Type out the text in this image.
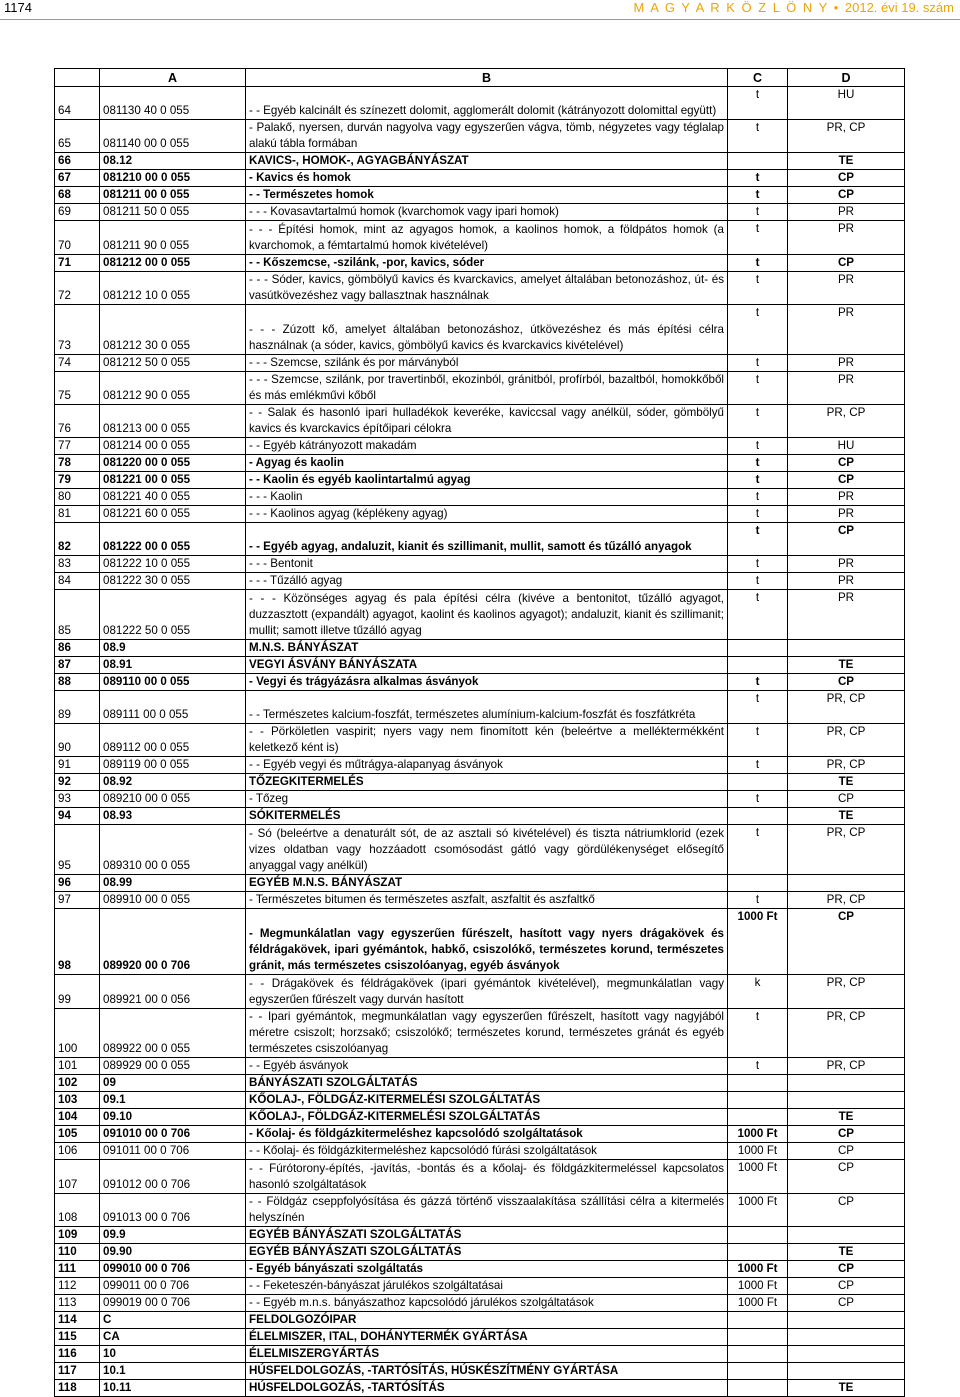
1174	M A G Y A R K Ö Z L Ö N Y • 2012. évi 19. szám
	A	B	C	D
64	081130 40 0 055	- - Egyéb kalcinált és színezett dolomit, agglomerált dolomit (kátrányozott dolomittal együtt)	t	HU
65	081140 00 0 055	- Palakő, nyersen, durván nagyolva vagy egyszerűen vágva, tömb, négyzetes vagy téglalap alakú tábla formában	t	PR, CP
66	08.12	KAVICS-, HOMOK-, AGYAGBÁNYÁSZAT		TE
67	081210 00 0 055	- Kavics és homok	t	CP
68	081211 00 0 055	- - Természetes homok	t	CP
69	081211 50 0 055	- - - Kovasavtartalmú homok (kvarchomok vagy ipari homok)	t	PR
70	081211 90 0 055	- - - Építési homok, mint az agyagos homok, a kaolinos homok, a földpátos homok (a kvarchomok, a fémtartalmú homok kivételével)	t	PR
71	081212 00 0 055	- - Kőszemcse, -szilánk, -por, kavics, sóder	t	CP
72	081212 10 0 055	- - - Sóder, kavics, gömbölyű kavics és kvarckavics, amelyet általában betonozáshoz, út- és vasútkövezéshez vagy ballasztnak használnak	t	PR
73	081212 30 0 055	- - - Zúzott kő, amelyet általában betonozáshoz, útkövezéshez és más építési célra használnak (a sóder, kavics, gömbölyű kavics és kvarckavics kivételével)	t	PR
74	081212 50 0 055	- - - Szemcse, szilánk és por márványból	t	PR
75	081212 90 0 055	- - - Szemcse, szilánk, por travertinből, ekozinból, gránitból, profírból, bazaltból, homokkőből és más emlékművi kőből	t	PR
76	081213 00 0 055	- - Salak és hasonló ipari hulladékok keveréke, kaviccsal vagy anélkül, sóder, gömbölyű kavics és kvarckavics építőipari célokra	t	PR, CP
77	081214 00 0 055	- - Egyéb kátrányozott makadám	t	HU
78	081220 00 0 055	- Agyag és kaolin	t	CP
79	081221 00 0 055	- - Kaolin és egyéb kaolintartalmú agyag	t	CP
80	081221 40 0 055	- - - Kaolin	t	PR
81	081221 60 0 055	- - - Kaolinos agyag (képlékeny agyag)	t	PR
82	081222 00 0 055	- - Egyéb agyag, andaluzit, kianit és szillimanit, mullit, samott és tűzálló anyagok	t	CP
83	081222 10 0 055	- - - Bentonit	t	PR
84	081222 30 0 055	- - - Tűzálló agyag	t	PR
85	081222 50 0 055	- - - Közönséges agyag és pala építési célra (kivéve a bentonitot, tűzálló agyagot, duzzasztott (expandált) agyagot, kaolint és kaolinos agyagot); andaluzit, kianit és szillimanit; mullit; samott illetve tűzálló agyag	t	PR
86	08.9	M.N.S. BÁNYÁSZAT		
87	08.91	VEGYI ÁSVÁNY BÁNYÁSZATA		TE
88	089110 00 0 055	- Vegyi és trágyázásra alkalmas ásványok	t	CP
89	089111 00 0 055	- - Természetes kalcium-foszfát, természetes alumínium-kalcium-foszfát és foszfátkréta	t	PR, CP
90	089112 00 0 055	- - Pörköletlen vaspirit; nyers vagy nem finomított kén (beleértve a melléktermékként keletkező ként is)	t	PR, CP
91	089119 00 0 055	- - Egyéb vegyi és műtrágya-alapanyag ásványok	t	PR, CP
92	08.92	TŐZEGKITERMELÉS		TE
93	089210 00 0 055	- Tőzeg	t	CP
94	08.93	SÓKITERMELÉS		TE
95	089310 00 0 055	- Só (beleértve a denaturált sót, de az asztali só kivételével) és tiszta nátriumklorid (ezek vizes oldatban vagy hozzáadott csomósodást gátló vagy gördülékenységet elősegítő anyaggal vagy anélkül)	t	PR, CP
96	08.99	EGYÉB M.N.S. BÁNYÁSZAT		
97	089910 00 0 055	- Természetes bitumen és természetes aszfalt, aszfaltit és aszfaltkő	t	PR, CP
98	089920 00 0 706	- Megmunkálatlan vagy egyszerűen fűrészelt, hasított vagy nyers drágakövek és féldrágakövek, ipari gyémántok, habkő, csiszolókő, természetes korund, természetes gránit, más természetes csiszolóanyag, egyéb ásványok	1000 Ft	CP
99	089921 00 0 056	- - Drágakövek és féldrágakövek (ipari gyémántok kivételével), megmunkálatlan vagy egyszerűen fűrészelt vagy durván hasított	k	PR, CP
100	089922 00 0 055	- - Ipari gyémántok, megmunkálatlan vagy egyszerűen fűrészelt, hasított vagy nagyjából méretre csiszolt; horzsakő; csiszolókő; természetes korund, természetes gránát és egyéb természetes csiszolóanyag	t	PR, CP
101	089929 00 0 055	- - Egyéb ásványok	t	PR, CP
102	09	BÁNYÁSZATI SZOLGÁLTATÁS		
103	09.1	KŐOLAJ-, FÖLDGÁZ-KITERMELÉSI SZOLGÁLTATÁS		
104	09.10	KŐOLAJ-, FÖLDGÁZ-KITERMELÉSI SZOLGÁLTATÁS		TE
105	091010 00 0 706	- Kőolaj- és földgázkitermeléshez kapcsolódó szolgáltatások	1000 Ft	CP
106	091011 00 0 706	- - Kőolaj- és földgázkitermeléshez kapcsolódó fúrási szolgáltatások	1000 Ft	CP
107	091012 00 0 706	- - Fúrótorony-építés, -javítás, -bontás és a kőolaj- és földgázkitermeléssel kapcsolatos hasonló szolgáltatások	1000 Ft	CP
108	091013 00 0 706	- - Földgáz cseppfolyósítása és gázzá történő visszaalakítása szállítási célra a kitermelés helyszínén	1000 Ft	CP
109	09.9	EGYÉB BÁNYÁSZATI SZOLGÁLTATÁS		
110	09.90	EGYÉB BÁNYÁSZATI SZOLGÁLTATÁS		TE
111	099010 00 0 706	- Egyéb bányászati szolgáltatás	1000 Ft	CP
112	099011 00 0 706	- - Feketeszén-bányászat járulékos szolgáltatásai	1000 Ft	CP
113	099019 00 0 706	- - Egyéb m.n.s. bányászathoz kapcsolódó járulékos szolgáltatások	1000 Ft	CP
114	C	FELDOLGOZÓIPAR		
115	CA	ÉLELMISZER, ITAL, DOHÁNYTERMÉK GYÁRTÁSA		
116	10	ÉLELMISZERGYÁRTÁS		
117	10.1	HÚSFELDOLGOZÁS, -TARTÓSÍTÁS, HÚSKÉSZÍTMÉNY GYÁRTÁSA		
118	10.11	HÚSFELDOLGOZÁS, -TARTÓSÍTÁS		TE
